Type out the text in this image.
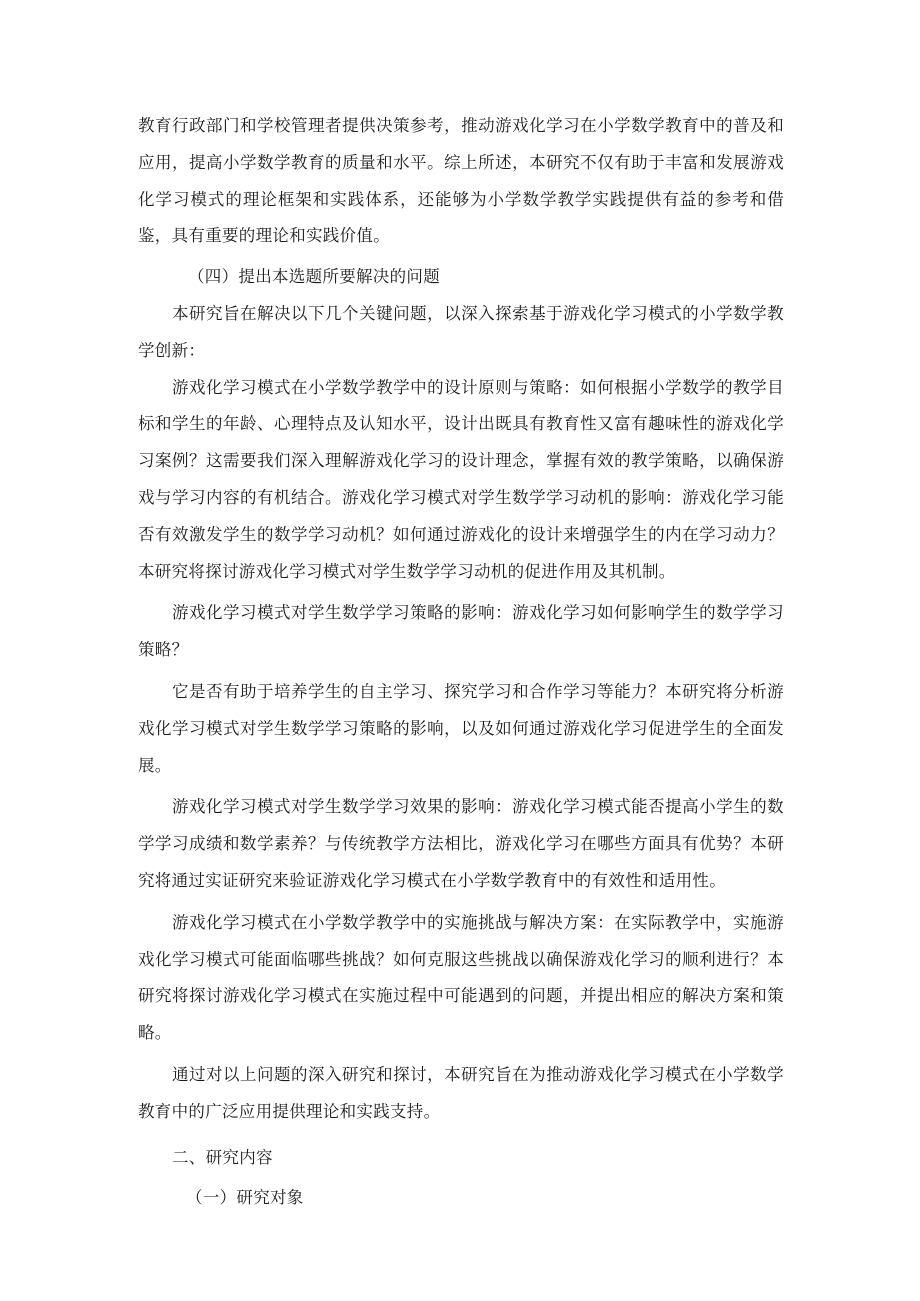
教育行政部门和学校管理者提供决策参考，推动游戏化学习在小学数学教育中的普及和应用，提高小学数学教育的质量和水平。综上所述，本研究不仅有助于丰富和发展游戏化学习模式的理论框架和实践体系，还能够为小学数学教学实践提供有益的参考和借鉴，具有重要的理论和实践价值。

（四）提出本选题所要解决的问题

本研究旨在解决以下几个关键问题，以深入探索基于游戏化学习模式的小学数学教学创新：

游戏化学习模式在小学数学教学中的设计原则与策略：如何根据小学数学的教学目标和学生的年龄、心理特点及认知水平，设计出既具有教育性又富有趣味性的游戏化学习案例？这需要我们深入理解游戏化学习的设计理念，掌握有效的教学策略，以确保游戏与学习内容的有机结合。游戏化学习模式对学生数学学习动机的影响：游戏化学习能否有效激发学生的数学学习动机？如何通过游戏化的设计来增强学生的内在学习动力？本研究将探讨游戏化学习模式对学生数学学习动机的促进作用及其机制。

游戏化学习模式对学生数学学习策略的影响：游戏化学习如何影响学生的数学学习策略？

它是否有助于培养学生的自主学习、探究学习和合作学习等能力？本研究将分析游戏化学习模式对学生数学学习策略的影响，以及如何通过游戏化学习促进学生的全面发展。

游戏化学习模式对学生数学学习效果的影响：游戏化学习模式能否提高小学生的数学学习成绩和数学素养？与传统教学方法相比，游戏化学习在哪些方面具有优势？本研究将通过实证研究来验证游戏化学习模式在小学数学教育中的有效性和适用性。

游戏化学习模式在小学数学教学中的实施挑战与解决方案：在实际教学中，实施游戏化学习模式可能面临哪些挑战？如何克服这些挑战以确保游戏化学习的顺利进行？本研究将探讨游戏化学习模式在实施过程中可能遇到的问题，并提出相应的解决方案和策略。

通过对以上问题的深入研究和探讨，本研究旨在为推动游戏化学习模式在小学数学教育中的广泛应用提供理论和实践支持。

二、研究内容

（一）研究对象
